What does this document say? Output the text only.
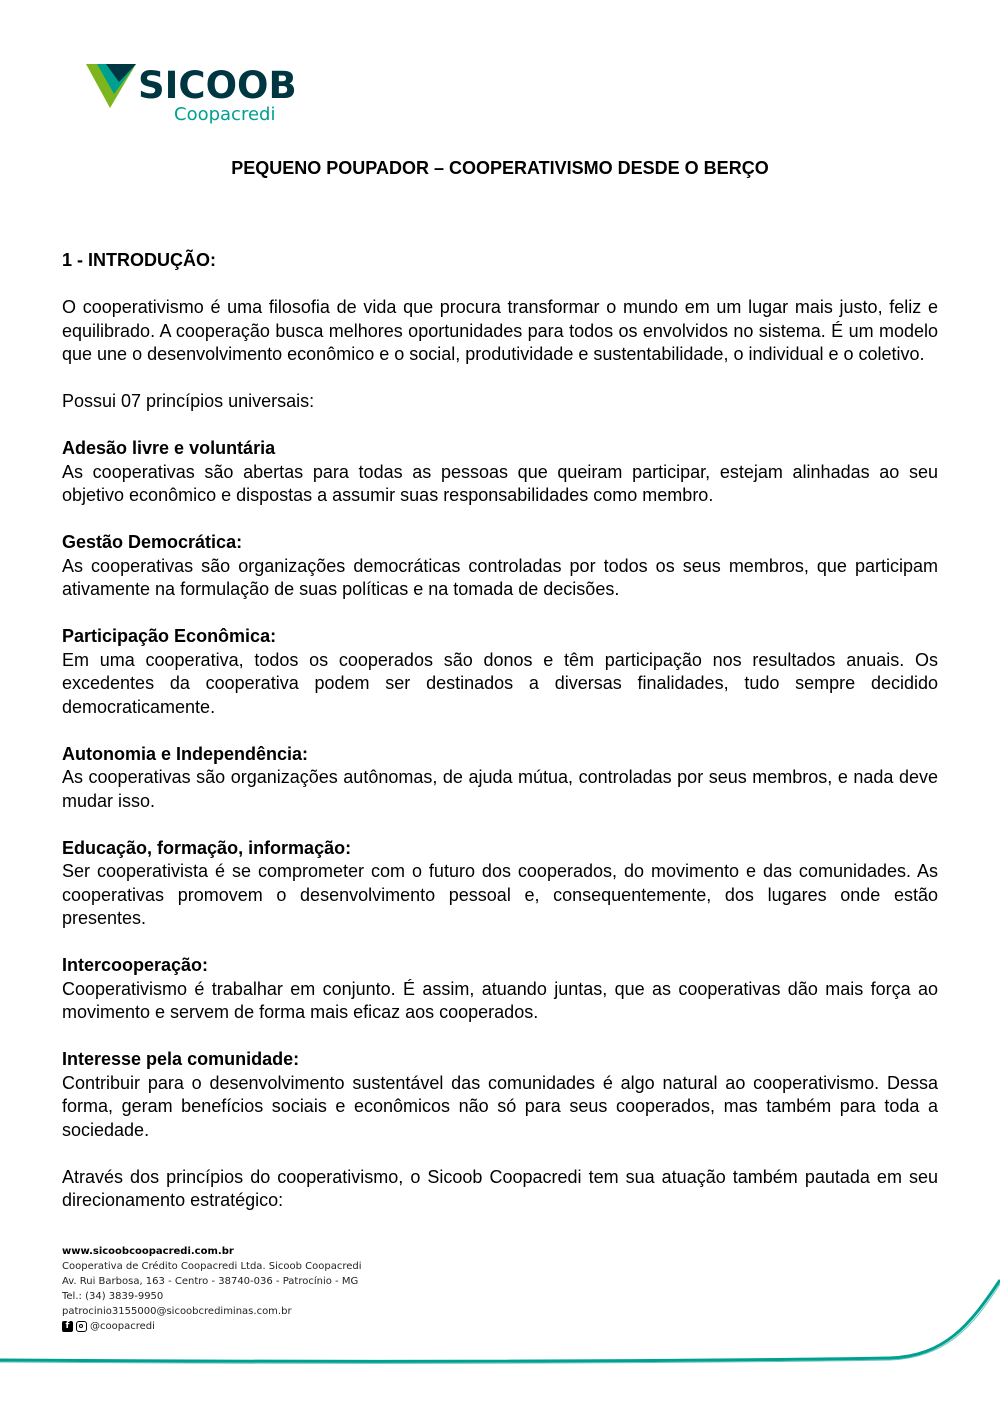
SICOOB
Coopacredi
PEQUENO POUPADOR – COOPERATIVISMO DESDE O BERÇO
1 - INTRODUÇÃO:

O cooperativismo é uma filosofia de vida que procura transformar o mundo em um lugar mais justo, feliz e equilibrado. A cooperação busca melhores oportunidades para todos os envolvidos no sistema. É um modelo que une o desenvolvimento econômico e o social, produtividade e sustentabilidade, o individual e o coletivo.

Possui 07 princípios universais:

Adesão livre e voluntária
As cooperativas são abertas para todas as pessoas que queiram participar, estejam alinhadas ao seu objetivo econômico e dispostas a assumir suas responsabilidades como membro.
Gestão Democrática:
As cooperativas são organizações democráticas controladas por todos os seus membros, que participam ativamente na formulação de suas políticas e na tomada de decisões.
Participação Econômica:
Em uma cooperativa, todos os cooperados são donos e têm participação nos resultados anuais. Os excedentes da cooperativa podem ser destinados a diversas finalidades, tudo sempre decidido democraticamente.
Autonomia e Independência:
As cooperativas são organizações autônomas, de ajuda mútua, controladas por seus membros, e nada deve mudar isso.
Educação, formação, informação:
Ser cooperativista é se comprometer com o futuro dos cooperados, do movimento e das comunidades. As cooperativas promovem o desenvolvimento pessoal e, consequentemente, dos lugares onde estão presentes.
Intercooperação:
Cooperativismo é trabalhar em conjunto. É assim, atuando juntas, que as cooperativas dão mais força ao movimento e servem de forma mais eficaz aos cooperados.
Interesse pela comunidade:
Contribuir para o desenvolvimento sustentável das comunidades é algo natural ao cooperativismo. Dessa forma, geram benefícios sociais e econômicos não só para seus cooperados, mas também para toda a sociedade.

Através dos princípios do cooperativismo, o Sicoob Coopacredi tem sua atuação também pautada em seu direcionamento estratégico:

www.sicoobcoopacredi.com.br
Cooperativa de Crédito Coopacredi Ltda. Sicoob Coopacredi
Av. Rui Barbosa, 163 - Centro - 38740-036 - Patrocínio - MG
Tel.: (34) 3839-9950
patrocinio3155000@sicoobcrediminas.com.br
f	@coopacredi
